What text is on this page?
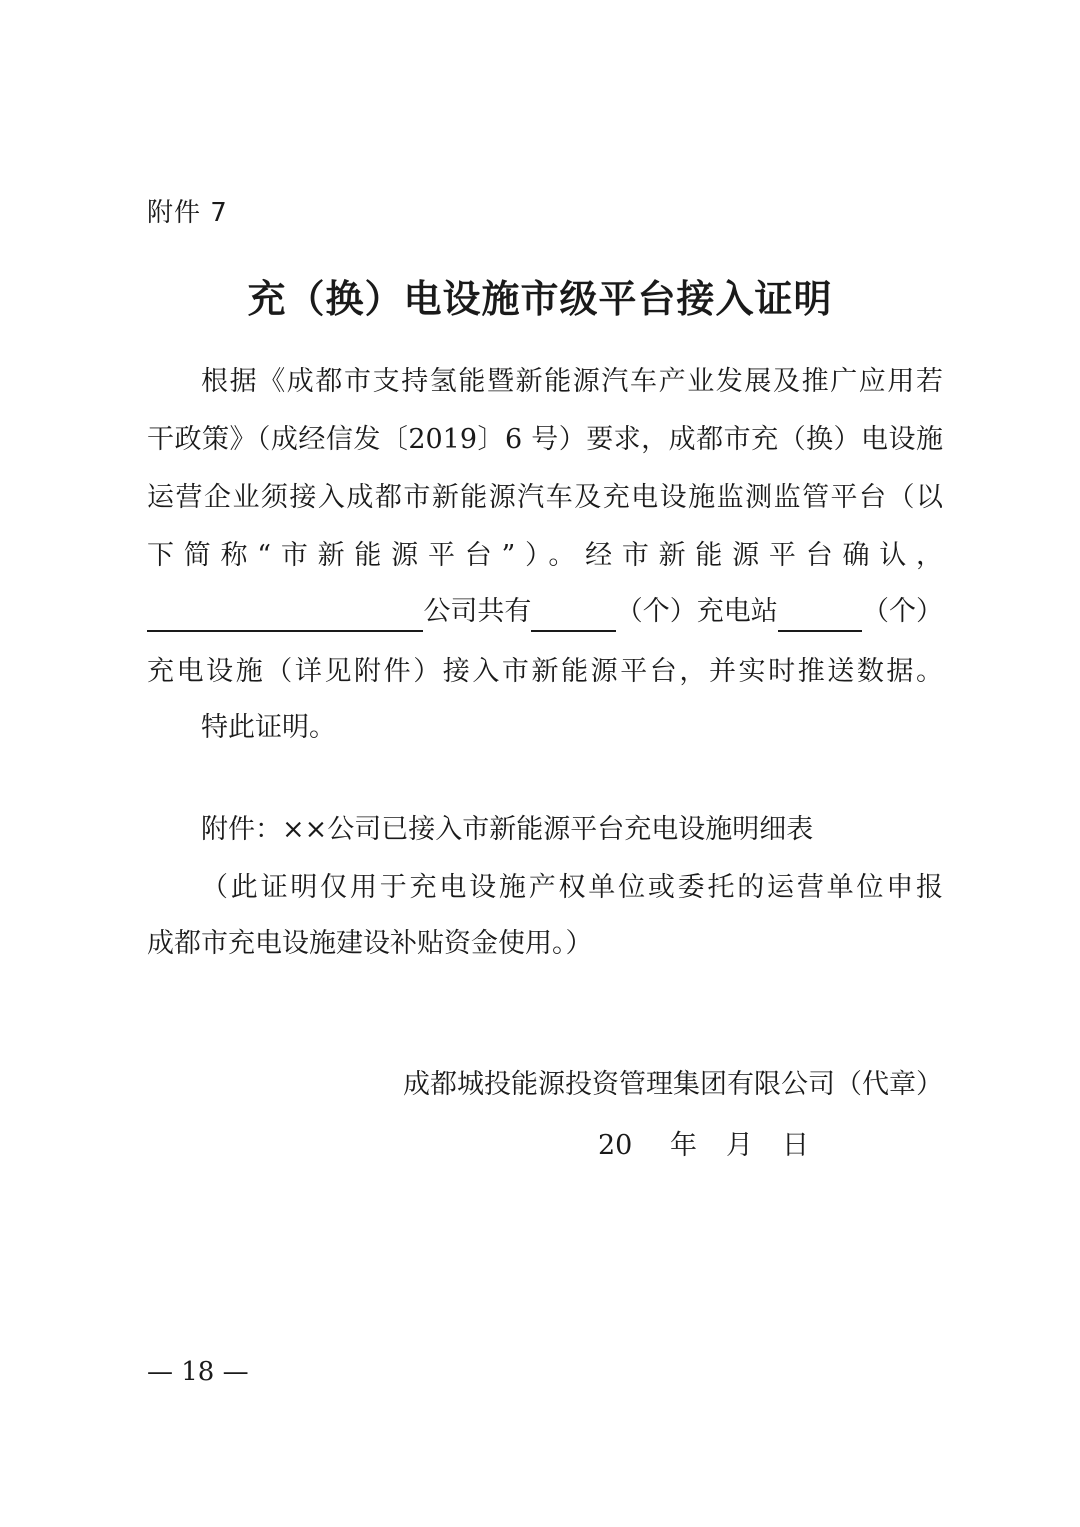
附件 7
充（换）电设施市级平台接入证明
根据《成都市支持氢能暨新能源汽车产业发展及推广应用若
干政策》（成经信发〔2019〕6 号）要求，成都市充（换）电设施
运营企业须接入成都市新能源汽车及充电设施监测监管平台（以
下简称“市新能源平台”）。经市新能源平台确认，
公司共有	（个）充电站	（个）
充电设施（详见附件）接入市新能源平台，并实时推送数据。
特此证明。
附件：××公司已接入市新能源平台充电设施明细表
（此证明仅用于充电设施产权单位或委托的运营单位申报
成都市充电设施建设补贴资金使用。）
成都城投能源投资管理集团有限公司（代章）
20	年	月	日
— 18 —
